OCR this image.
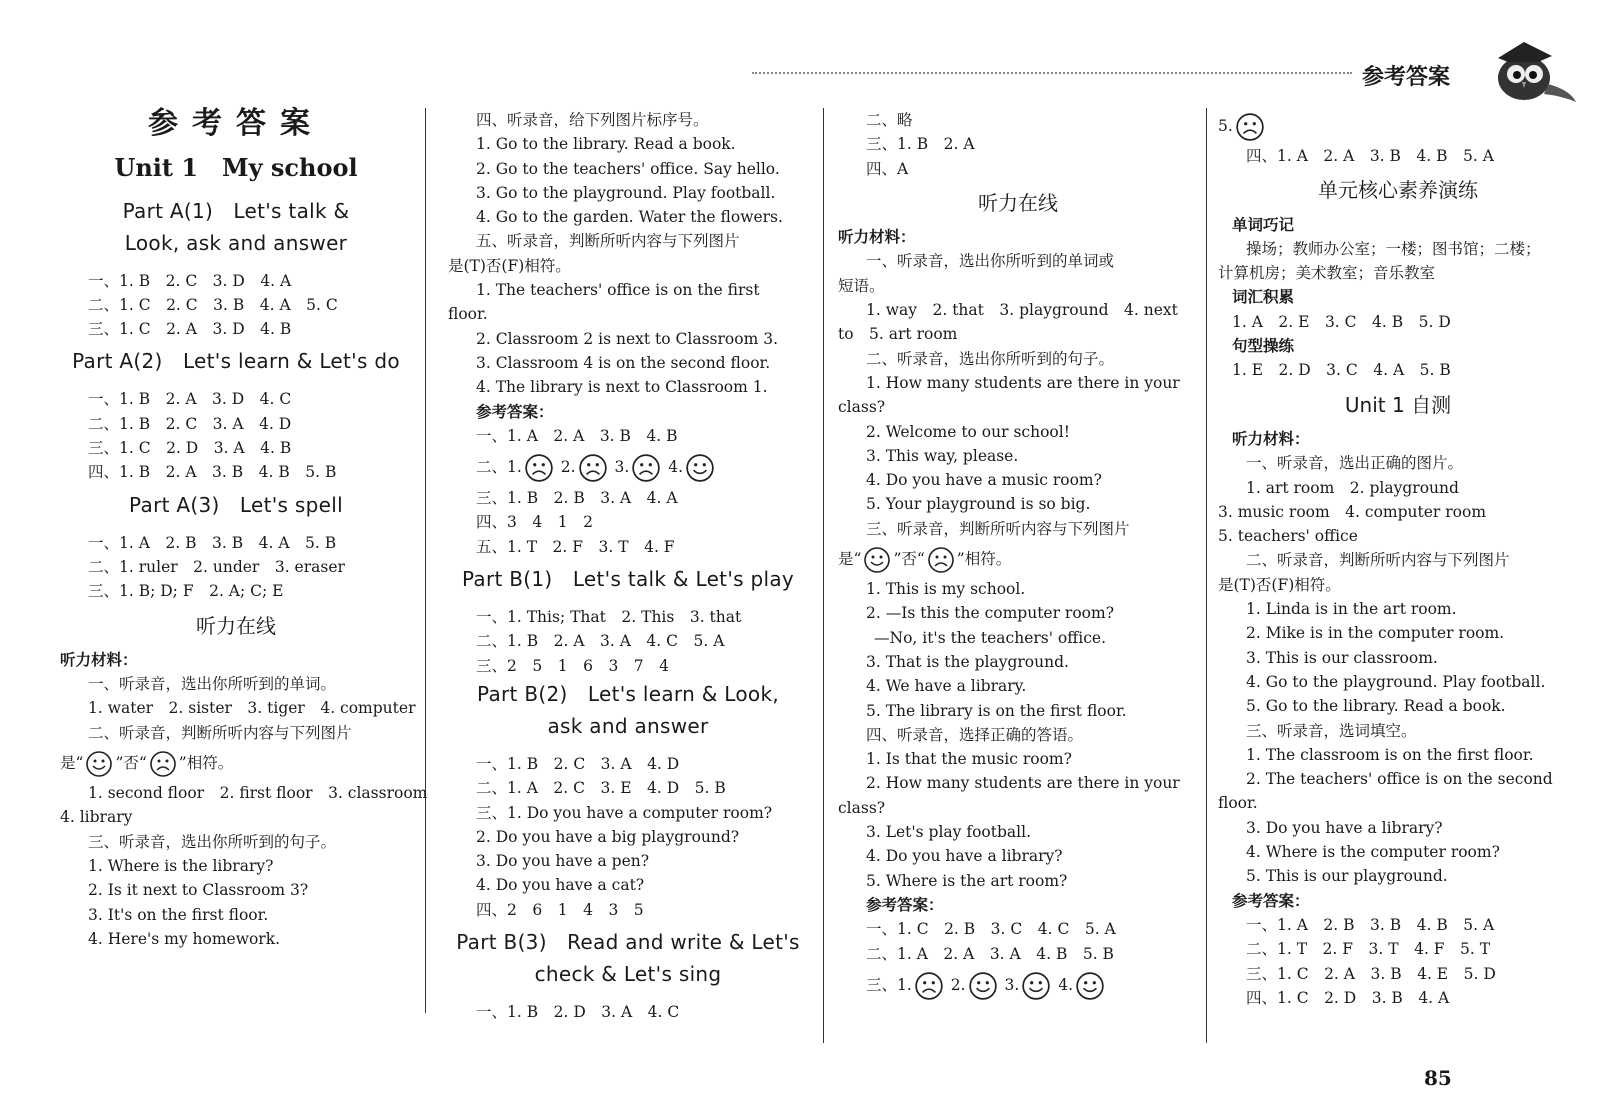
参考答案
参考答案
Unit 1　My school
Part A(1)　Let's talk &
Look, ask and answer
一、1. B　2. C　3. D　4. A
二、1. C　2. C　3. B　4. A　5. C
三、1. C　2. A　3. D　4. B
Part A(2)　Let's learn & Let's do
一、1. B　2. A　3. D　4. C
二、1. B　2. C　3. A　4. D
三、1. C　2. D　3. A　4. B
四、1. B　2. A　3. B　4. B　5. B
Part A(3)　Let's spell
一、1. A　2. B　3. B　4. A　5. B
二、1. ruler　2. under　3. eraser
三、1. B; D; F　2. A; C; E
听力在线
听力材料：
一、听录音，选出你所听到的单词。
1. water　2. sister　3. tiger　4. computer
二、听录音，判断所听内容与下列图片
是“ ”否“ ”相符。
1. second floor　2. first floor　3. classroom
4. library
三、听录音，选出你所听到的句子。
1. Where is the library?
2. Is it next to Classroom 3?
3. It's on the first floor.
4. Here's my homework.
四、听录音，给下列图片标序号。
1. Go to the library. Read a book.
2. Go to the teachers' office. Say hello.
3. Go to the playground. Play football.
4. Go to the garden. Water the flowers.
五、听录音，判断所听内容与下列图片
是(T)否(F)相符。
1. The teachers' office is on the first
floor.
2. Classroom 2 is next to Classroom 3.
3. Classroom 4 is on the second floor.
4. The library is next to Classroom 1.
参考答案：
一、1. A　2. A　3. B　4. B
二、1.	2.	3.	4.
三、1. B　2. B　3. A　4. A
四、3　4　1　2
五、1. T　2. F　3. T　4. F
Part B(1)　Let's talk & Let's play
一、1. This; That　2. This　3. that
二、1. B　2. A　3. A　4. C　5. A
三、2　5　1　6　3　7　4
Part B(2)　Let's learn & Look,
ask and answer
一、1. B　2. C　3. A　4. D
二、1. A　2. C　3. E　4. D　5. B
三、1. Do you have a computer room?
2. Do you have a big playground?
3. Do you have a pen?
4. Do you have a cat?
四、2　6　1　4　3　5
Part B(3)　Read and write & Let's
check & Let's sing
一、1. B　2. D　3. A　4. C
二、略
三、1. B　2. A
四、A
听力在线
听力材料：
一、听录音，选出你所听到的单词或
短语。
1. way　2. that　3. playground　4. next
to　5. art room
二、听录音，选出你所听到的句子。
1. How many students are there in your
class?
2. Welcome to our school!
3. This way, please.
4. Do you have a music room?
5. Your playground is so big.
三、听录音，判断所听内容与下列图片
是“ ”否“ ”相符。
1. This is my school.
2. —Is this the computer room?
—No, it's the teachers' office.
3. That is the playground.
4. We have a library.
5. The library is on the first floor.
四、听录音，选择正确的答语。
1. Is that the music room?
2. How many students are there in your
class?
3. Let's play football.
4. Do you have a library?
5. Where is the art room?
参考答案：
一、1. C　2. B　3. C　4. C　5. A
二、1. A　2. A　3. A　4. B　5. B
三、1.	2.	3.	4.
5.
四、1. A　2. A　3. B　4. B　5. A
单元核心素养演练
单词巧记
操场；教师办公室；一楼；图书馆；二楼；
计算机房；美术教室；音乐教室
词汇积累
1. A　2. E　3. C　4. B　5. D
句型操练
1. E　2. D　3. C　4. A　5. B
Unit 1 自测
听力材料：
一、听录音，选出正确的图片。
1. art room　2. playground
3. music room　4. computer room
5. teachers' office
二、听录音，判断所听内容与下列图片
是(T)否(F)相符。
1. Linda is in the art room.
2. Mike is in the computer room.
3. This is our classroom.
4. Go to the playground. Play football.
5. Go to the library. Read a book.
三、听录音，选词填空。
1. The classroom is on the first floor.
2. The teachers' office is on the second
floor.
3. Do you have a library?
4. Where is the computer room?
5. This is our playground.
参考答案：
一、1. A　2. B　3. B　4. B　5. A
二、1. T　2. F　3. T　4. F　5. T
三、1. C　2. A　3. B　4. E　5. D
四、1. C　2. D　3. B　4. A
85
